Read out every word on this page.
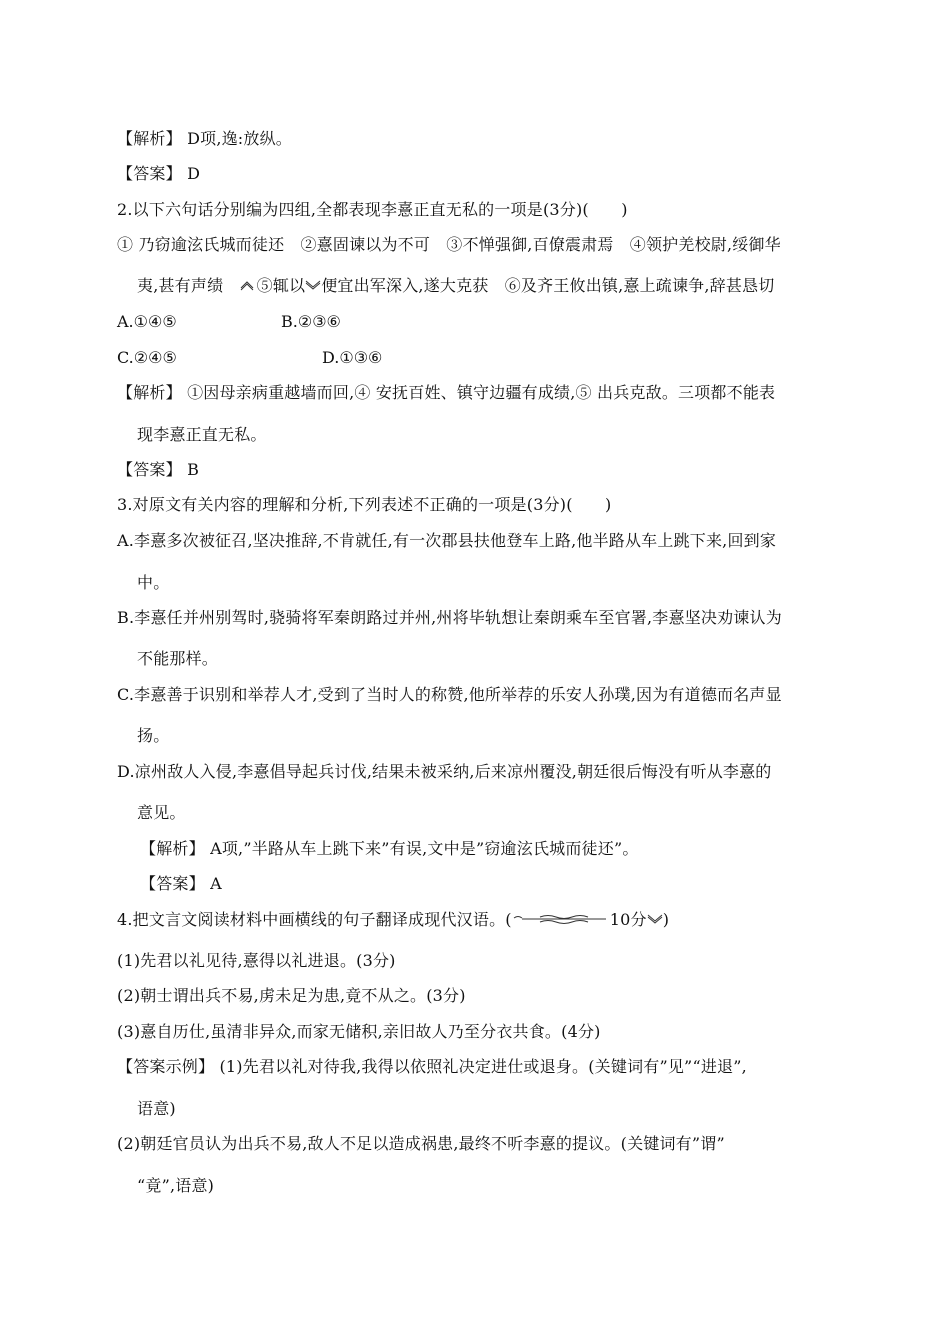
【解析】 D项,逸:放纵。
【答案】 D
2.以下六句话分别编为四组,全都表现李憙正直无私的一项是(3分)(　　)
① 乃窃逾泫氏城而徒还　②憙固谏以为不可　③不惮强御,百僚震肃焉　④领护羌校尉,绥御华
夷,甚有声绩 ⑤辄以 便宜出军深入,遂大克获　⑥及齐王攸出镇,憙上疏谏争,辞甚恳切
A.①④⑤	B.②③⑥
C.②④⑤	D.①③⑥
【解析】 ①因母亲病重越墙而回,④ 安抚百姓、镇守边疆有成绩,⑤ 出兵克敌。三项都不能表
现李憙正直无私。
【答案】 B
3.对原文有关内容的理解和分析,下列表述不正确的一项是(3分)(　　)
A.李憙多次被征召,坚决推辞,不肯就任,有一次郡县扶他登车上路,他半路从车上跳下来,回到家
中。
B.李憙任并州别驾时,骁骑将军秦朗路过并州,州将毕轨想让秦朗乘车至官署,李憙坚决劝谏认为
不能那样。
C.李憙善于识别和举荐人才,受到了当时人的称赞,他所举荐的乐安人孙璞,因为有道德而名声显
扬。
D.凉州敌人入侵,李憙倡导起兵讨伐,结果未被采纳,后来凉州覆没,朝廷很后悔没有听从李憙的
意见。
【解析】 A项,”半路从车上跳下来”有误,文中是”窃逾泫氏城而徒还”。
【答案】 A
4.把文言文阅读材料中画横线的句子翻译成现代汉语。(	10分 )
(1)先君以礼见待,憙得以礼进退。(3分)
(2)朝士谓出兵不易,虏未足为患,竟不从之。(3分)
(3)憙自历仕,虽清非异众,而家无储积,亲旧故人乃至分衣共食。(4分)
【答案示例】 (1)先君以礼对待我,我得以依照礼决定进仕或退身。(关键词有”见”“进退”,
语意)
(2)朝廷官员认为出兵不易,敌人不足以造成祸患,最终不听李憙的提议。(关键词有”谓”
“竟”,语意)
